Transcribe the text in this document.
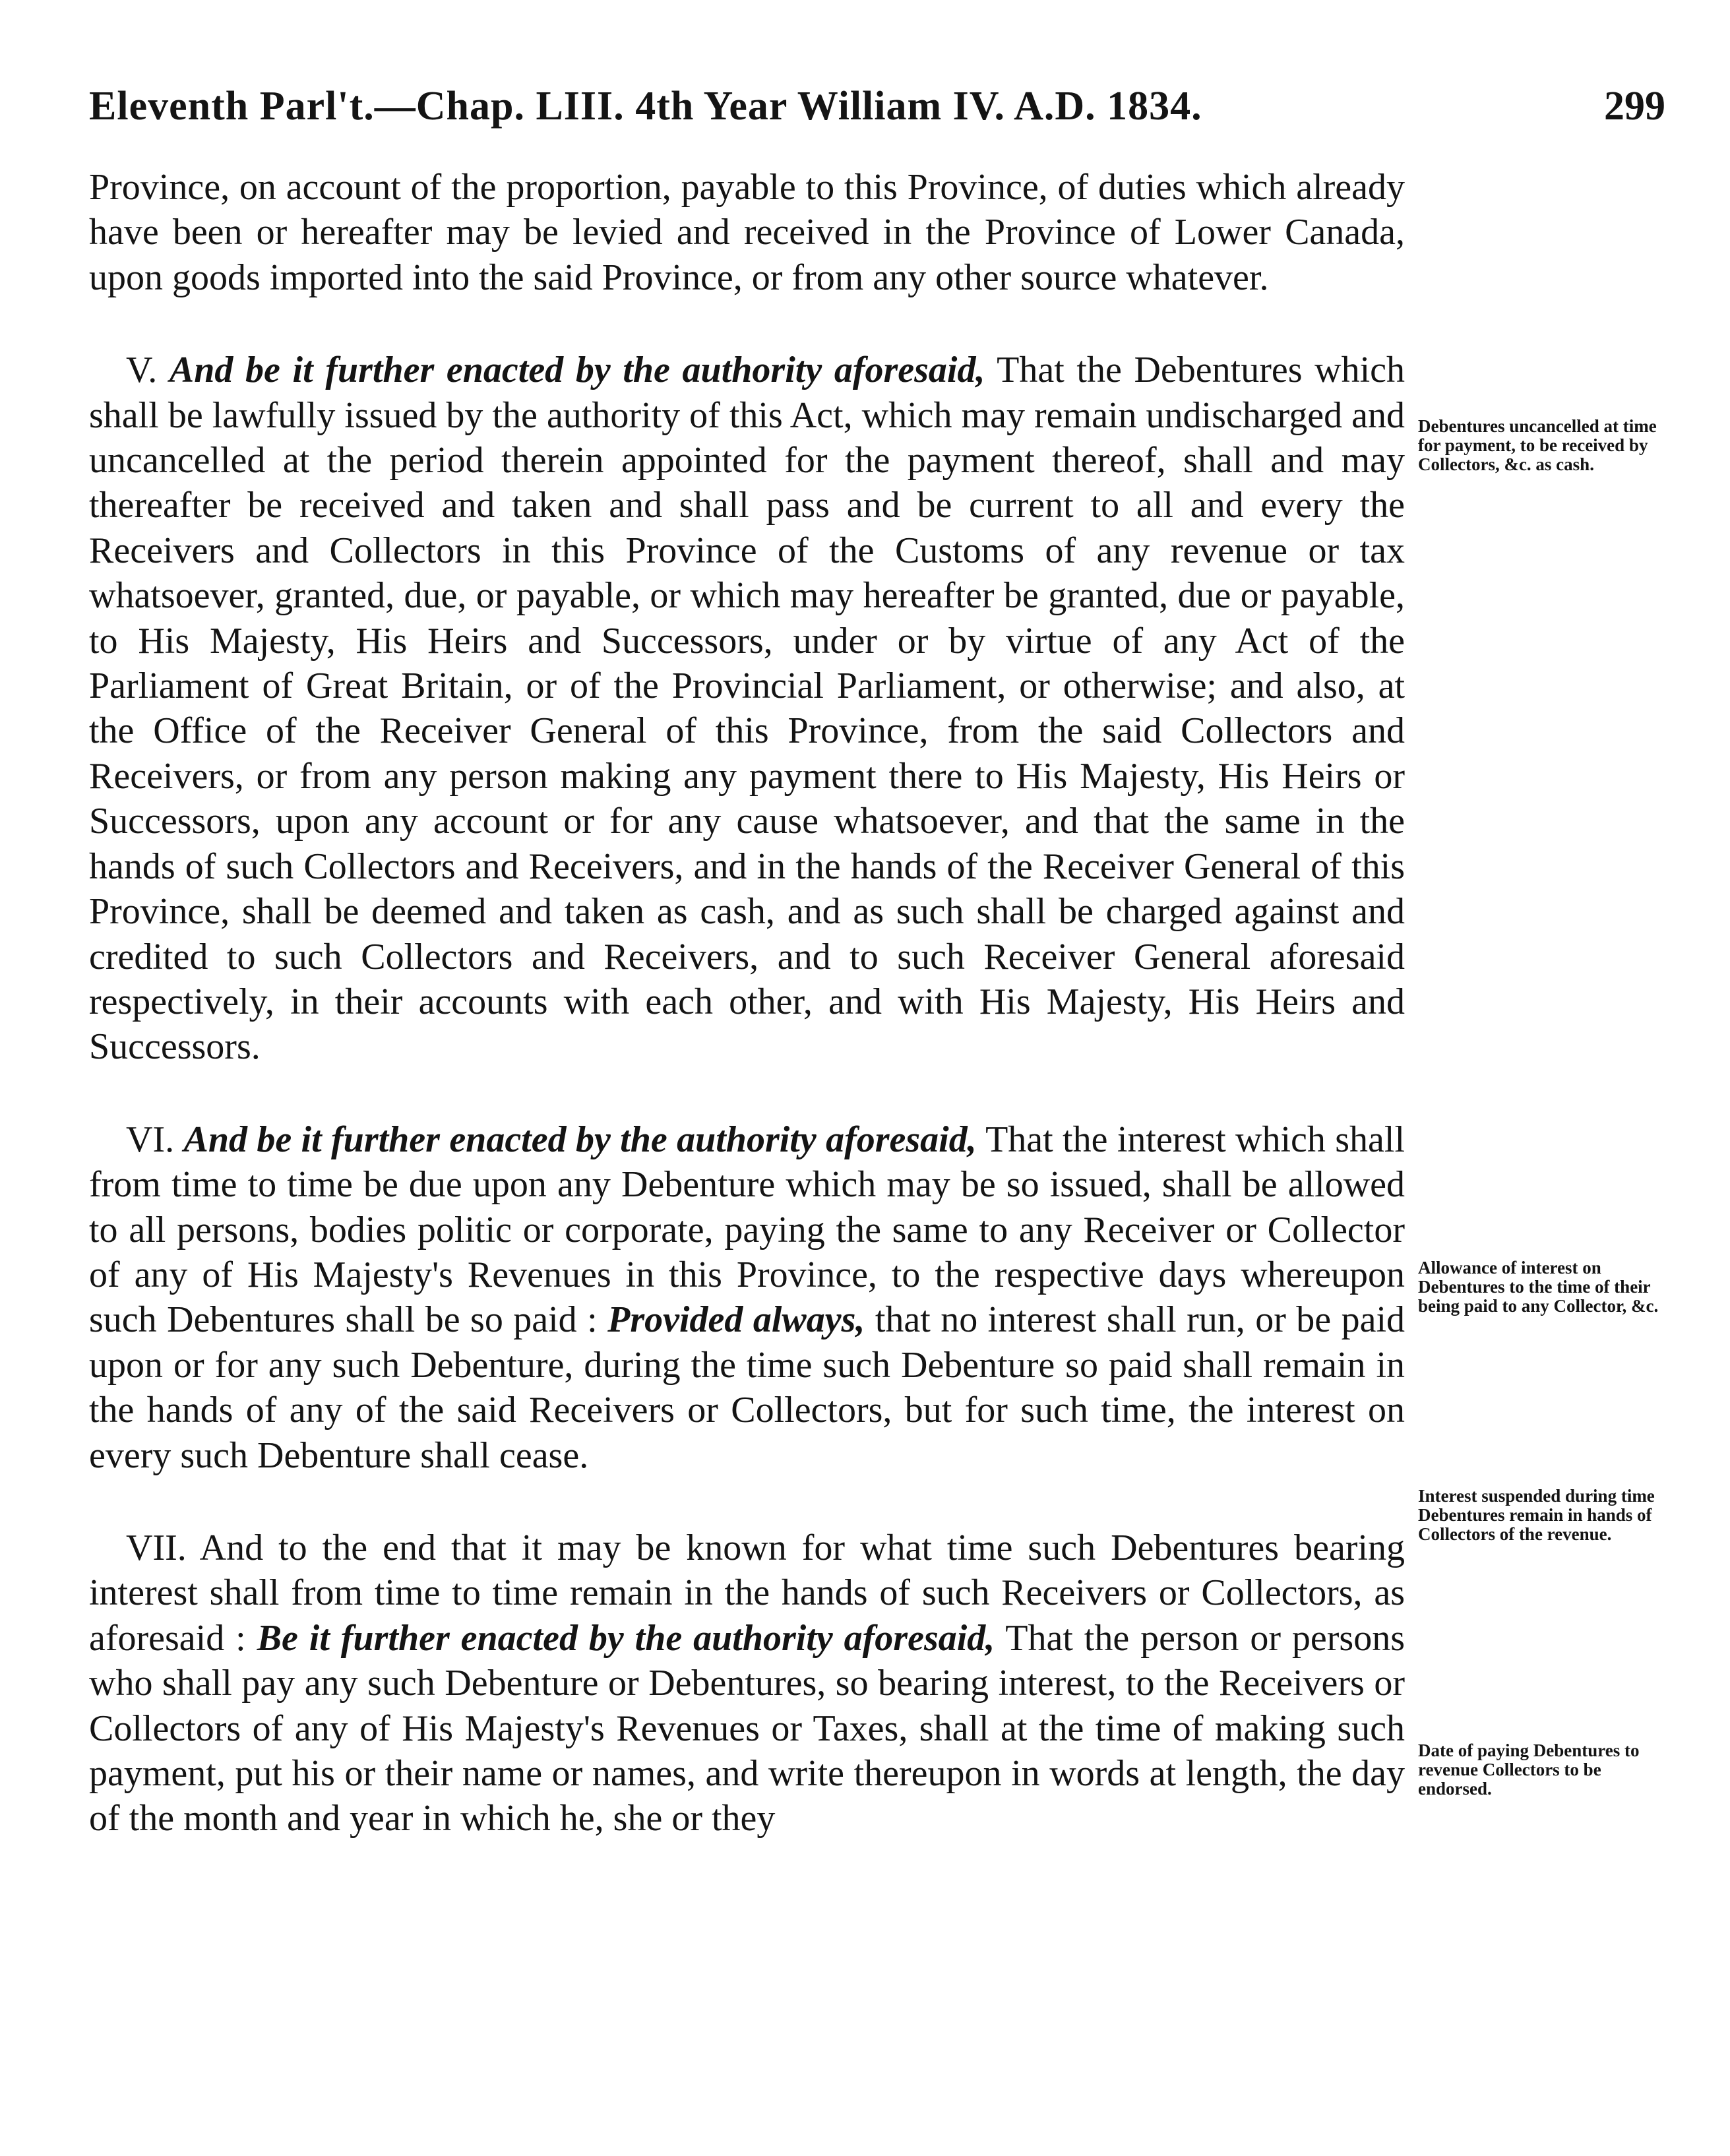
Eleventh Parl't.—Chap. LIII. 4th Year William IV. A.D. 1834.	299

Province, on account of the proportion, payable to this Province, of duties which already have been or hereafter may be levied and received in the Province of Lower Canada, upon goods imported into the said Province, or from any other source whatever.

V. And be it further enacted by the authority aforesaid, That the Debentures which shall be lawfully issued by the authority of this Act, which may remain undischarged and uncancelled at the period therein appointed for the payment thereof, shall and may thereafter be received and taken and shall pass and be current to all and every the Receivers and Collectors in this Province of the Customs of any revenue or tax whatsoever, granted, due, or payable, or which may hereafter be granted, due or payable, to His Majesty, His Heirs and Successors, under or by virtue of any Act of the Parliament of Great Britain, or of the Provincial Parliament, or otherwise; and also, at the Office of the Receiver General of this Province, from the said Collectors and Receivers, or from any person making any payment there to His Majesty, His Heirs or Successors, upon any account or for any cause whatsoever, and that the same in the hands of such Collectors and Receivers, and in the hands of the Receiver General of this Province, shall be deemed and taken as cash, and as such shall be charged against and credited to such Collectors and Receivers, and to such Receiver General aforesaid respectively, in their accounts with each other, and with His Majesty, His Heirs and Successors.

VI. And be it further enacted by the authority aforesaid, That the interest which shall from time to time be due upon any Debenture which may be so issued, shall be allowed to all persons, bodies politic or corporate, paying the same to any Receiver or Collector of any of His Majesty's Revenues in this Province, to the respective days whereupon such Debentures shall be so paid : Provided always, that no interest shall run, or be paid upon or for any such Debenture, during the time such Debenture so paid shall remain in the hands of any of the said Receivers or Collectors, but for such time, the interest on every such Debenture shall cease.

VII. And to the end that it may be known for what time such Debentures bearing interest shall from time to time remain in the hands of such Receivers or Collectors, as aforesaid : Be it further enacted by the authority aforesaid, That the person or persons who shall pay any such Debenture or Debentures, so bearing interest, to the Receivers or Collectors of any of His Majesty's Revenues or Taxes, shall at the time of making such payment, put his or their name or names, and write thereupon in words at length, the day of the month and year in which he, she or they

Debentures uncancelled at time for payment, to be received by Collectors, &c. as cash.
Allowance of interest on Debentures to the time of their being paid to any Collector, &c.
Interest suspended during time Debentures remain in hands of Collectors of the revenue.
Date of paying Debentures to revenue Collectors to be endorsed.
